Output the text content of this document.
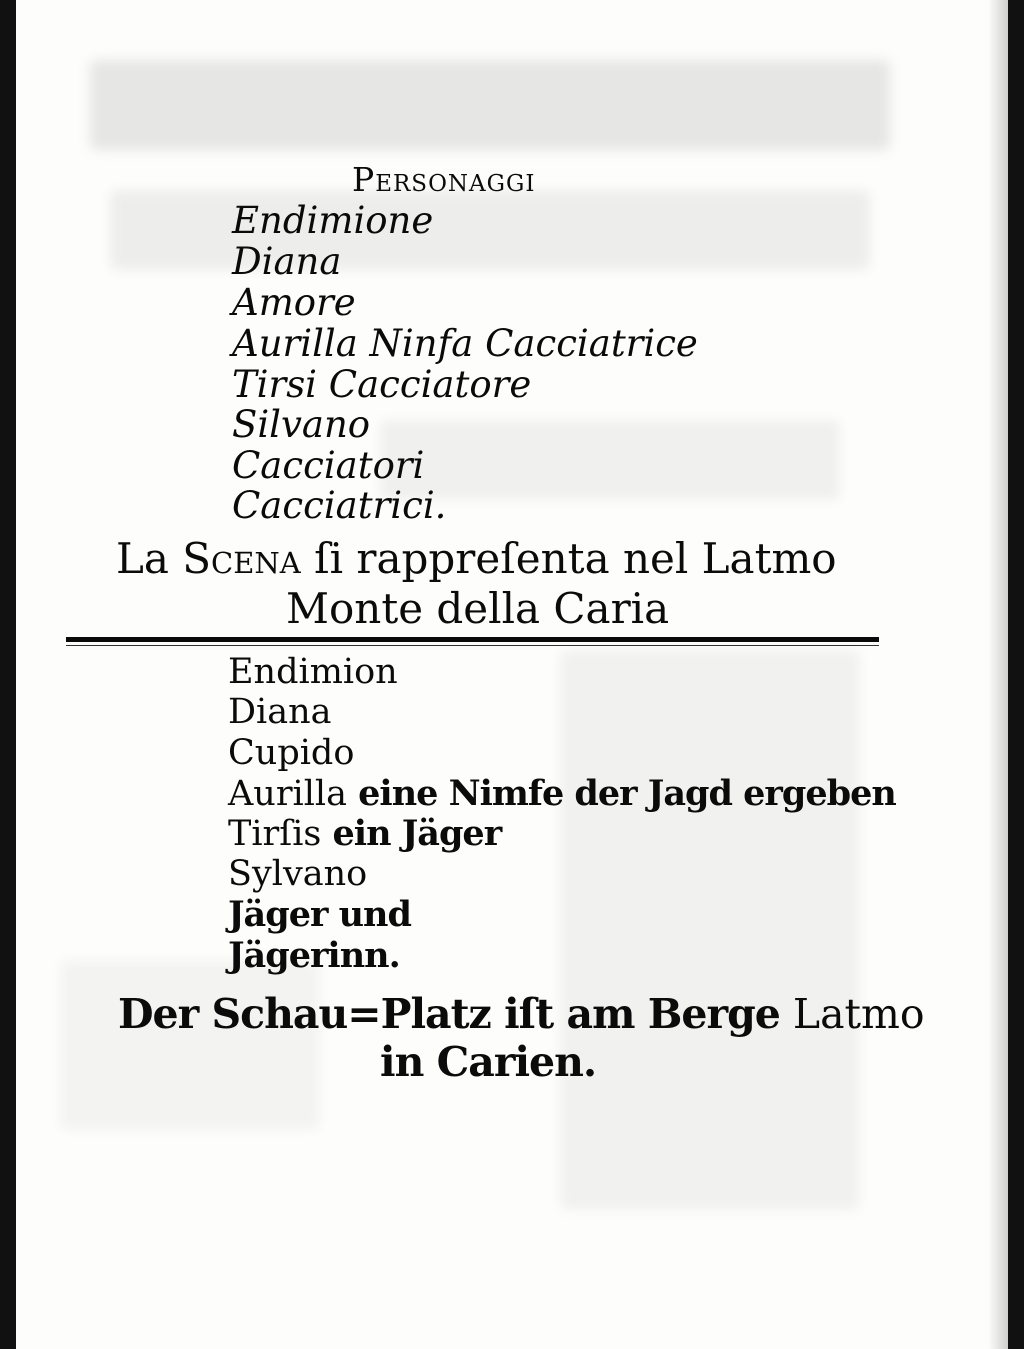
Personaggi
Endimione
Diana
Amore
Aurilla Ninfa Cacciatrice
Tirsi Cacciatore
Silvano
Cacciatori
Cacciatrici.
La Scena ſi rappreſenta nel Latmo
Monte della Caria
Endimion
Diana
Cupido
Aurilla eine Nimfe der Jagd ergeben
Tirſis ein Jäger
Sylvano
Jäger und
Jägerinn.
Der Schau=Platz iſt am Berge Latmo
in Carien.
